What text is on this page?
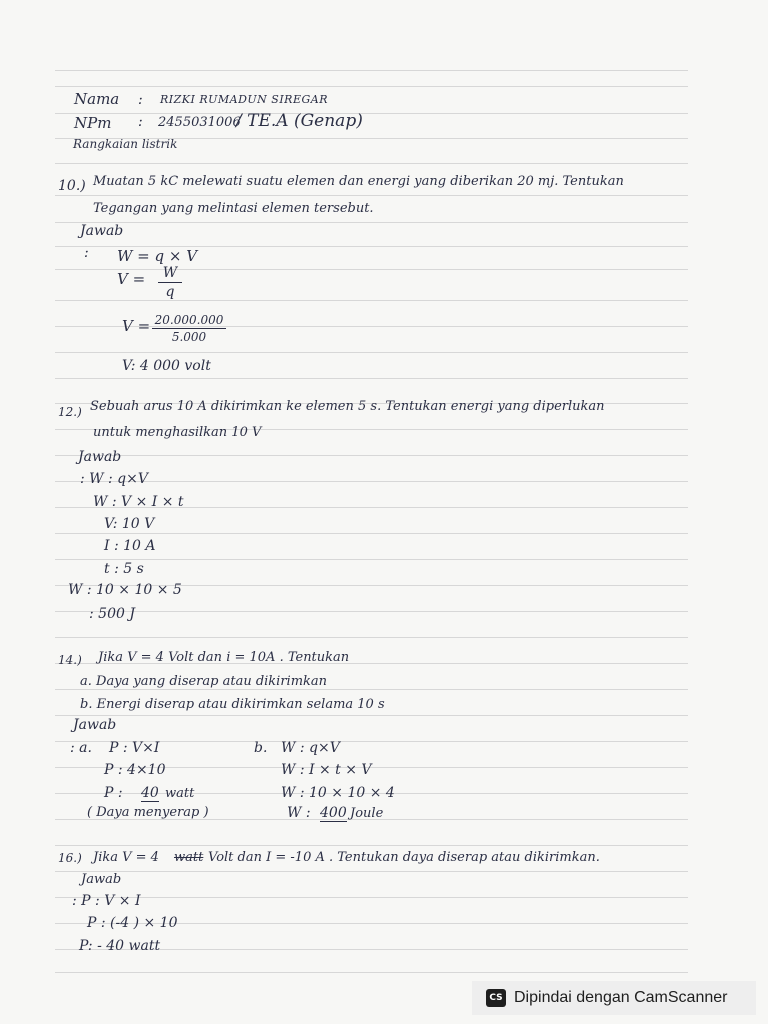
Nama : RIZKI RUMADUN SIREGAR
NPm : 2455031006
/ TE.A (Genap)
Rangkaian listrik
10.) Muatan 5 kC melewati suatu elemen dan energi yang diberikan 20 mj. Tentukan
Tegangan yang melintasi elemen tersebut.
Jawab
: W = q × V
V =	W
q
V = 20.000.000
5.000
V: 4 000 volt
12.) Sebuah arus 10 A dikirimkan ke elemen 5 s. Tentukan energi yang diperlukan
untuk menghasilkan 10 V
Jawab
: W : q×V
W : V × I × t
V: 10 V
I : 10 A
t : 5 s
W : 10 × 10 × 5
: 500 J
14.) Jika V = 4 Volt dan i = 10A . Tentukan
a. Daya yang diserap atau dikirimkan
b. Energi diserap atau dikirimkan selama 10 s
Jawab
: a. P : V×I
P : 4×10
P : 40 watt
( Daya menyerap )
b. W : q×V
W : I × t × V
W : 10 × 10 × 4
W : 400 Joule
16.) Jika V = 4 watt Volt dan I = -10 A . Tentukan daya diserap atau dikirimkan.
Jawab
: P : V × I
P : (-4 ) × 10
P: - 40 watt
CS Dipindai dengan CamScanner
